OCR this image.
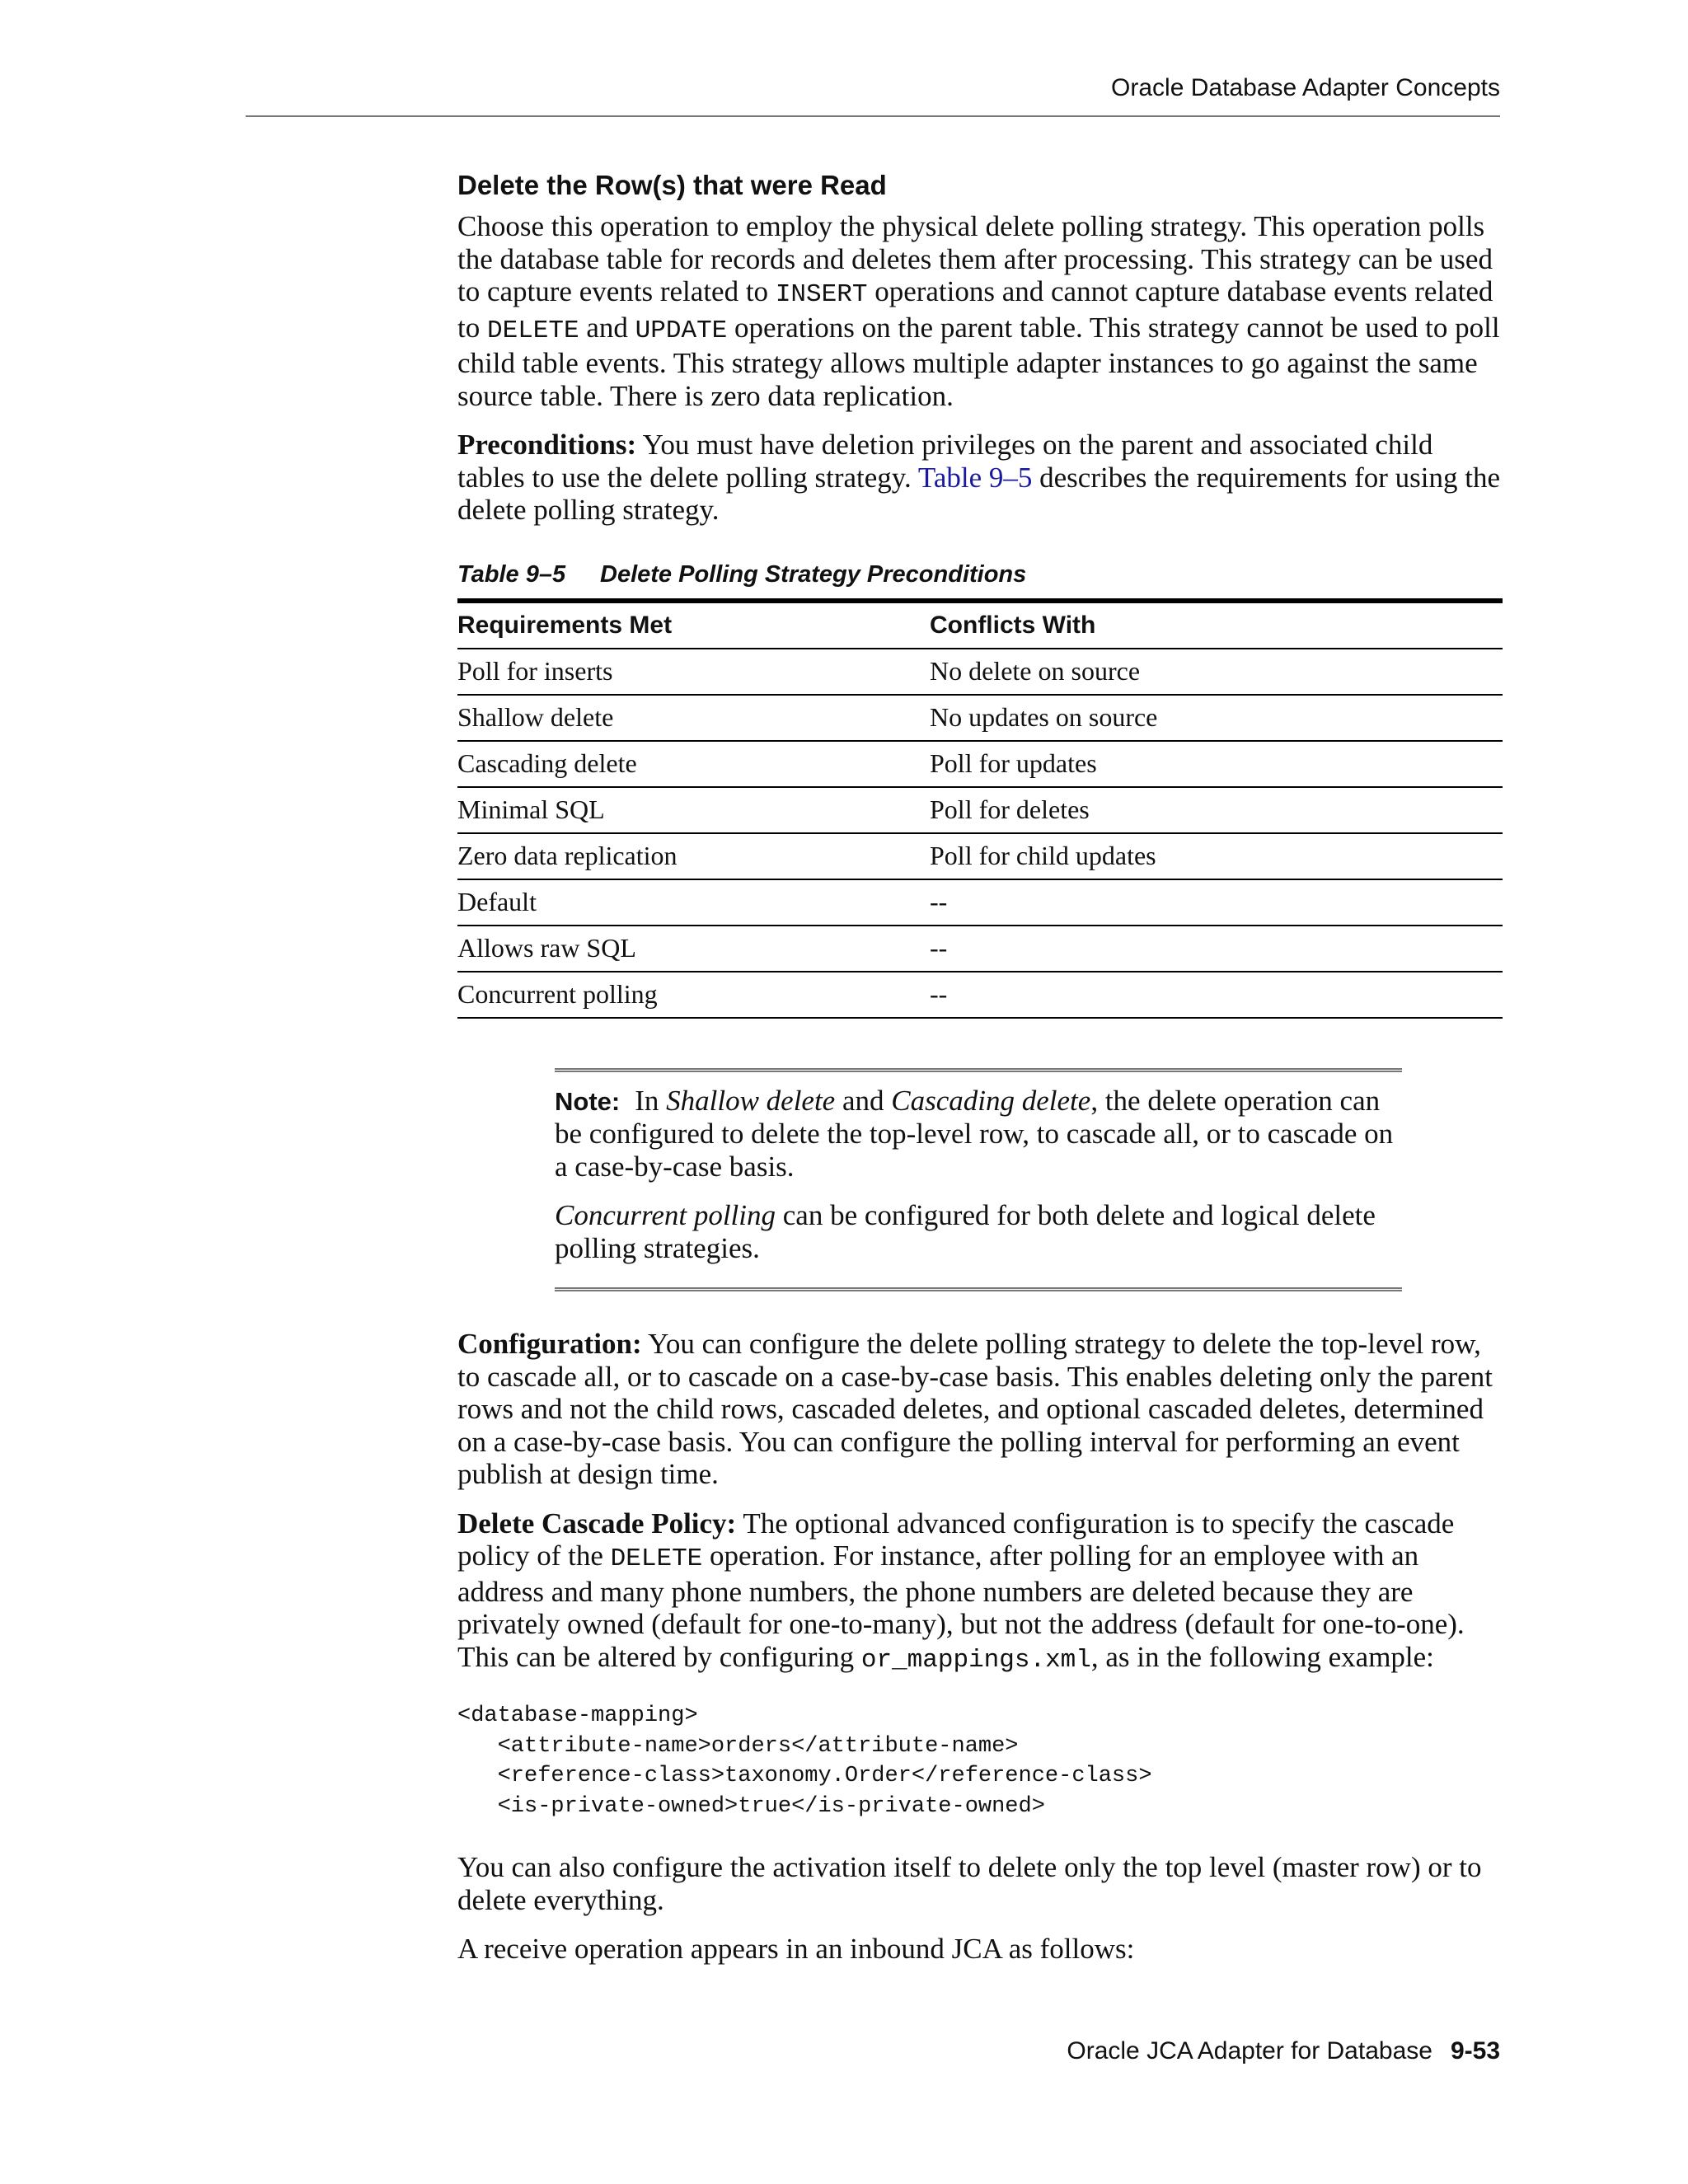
Oracle Database Adapter Concepts
Delete the Row(s) that were Read

Choose this operation to employ the physical delete polling strategy. This operation polls the database table for records and deletes them after processing. This strategy can be used to capture events related to INSERT operations and cannot capture database events related to DELETE and UPDATE operations on the parent table. This strategy cannot be used to poll child table events. This strategy allows multiple adapter instances to go against the same source table. There is zero data replication.

Preconditions: You must have deletion privileges on the parent and associated child tables to use the delete polling strategy. Table 9–5 describes the requirements for using the delete polling strategy.

Table 9–5 Delete Polling Strategy Preconditions
Requirements Met	Conflicts With
Poll for inserts	No delete on source
Shallow delete	No updates on source
Cascading delete	Poll for updates
Minimal SQL	Poll for deletes
Zero data replication	Poll for child updates
Default	--
Allows raw SQL	--
Concurrent polling	--

Note: In Shallow delete and Cascading delete, the delete operation can be configured to delete the top-level row, to cascade all, or to cascade on a case-by-case basis.

Concurrent polling can be configured for both delete and logical delete polling strategies.

Configuration: You can configure the delete polling strategy to delete the top-level row, to cascade all, or to cascade on a case-by-case basis. This enables deleting only the parent rows and not the child rows, cascaded deletes, and optional cascaded deletes, determined on a case-by-case basis. You can configure the polling interval for performing an event publish at design time.

Delete Cascade Policy: The optional advanced configuration is to specify the cascade policy of the DELETE operation. For instance, after polling for an employee with an address and many phone numbers, the phone numbers are deleted because they are privately owned (default for one-to-many), but not the address (default for one-to-one). This can be altered by configuring or_mappings.xml, as in the following example:

<database-mapping>
<attribute-name>orders</attribute-name>
<reference-class>taxonomy.Order</reference-class>
<is-private-owned>true</is-private-owned>

You can also configure the activation itself to delete only the top level (master row) or to delete everything.

A receive operation appears in an inbound JCA as follows:

Oracle JCA Adapter for Database 9-53
